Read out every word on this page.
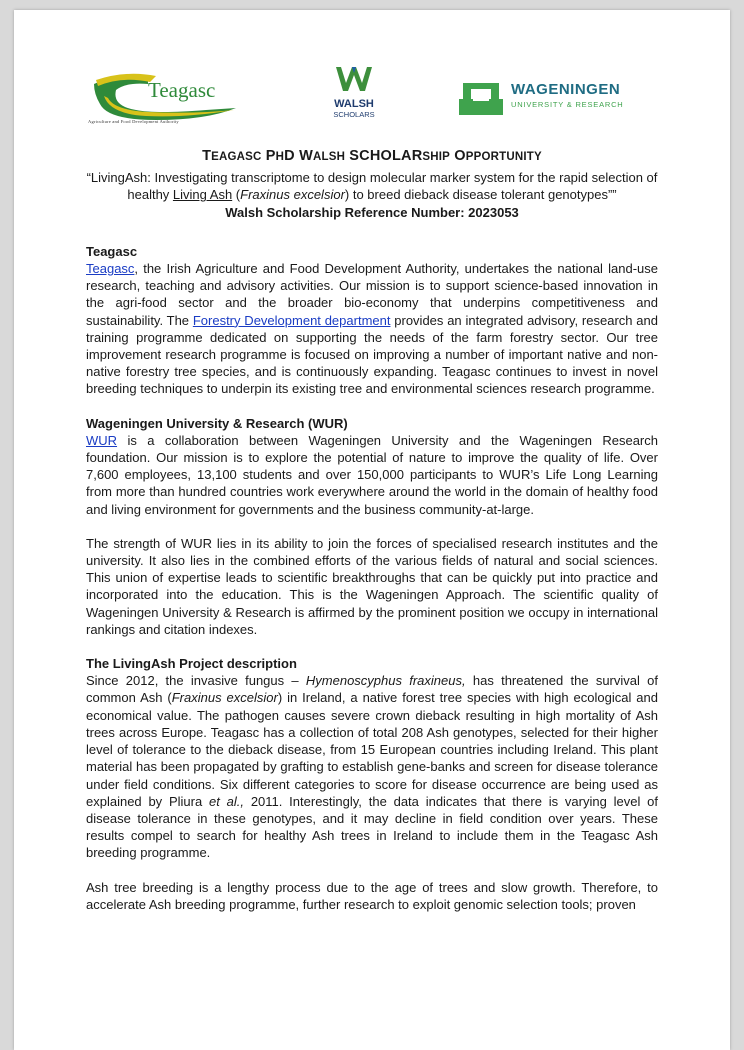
Teagasc
Agriculture and Food Development Authority
WALSH
SCHOLARS
WAGENINGEN
UNIVERSITY & RESEARCH
TEAGASC PHD WALSH SCHOLARSHIP OPPORTUNITY

“LivingAsh: Investigating transcriptome to design molecular marker system for the rapid selection of healthy Living Ash (Fraxinus excelsior) to breed dieback disease tolerant genotypes””

Walsh Scholarship Reference Number: 2023053
Teagasc

Teagasc, the Irish Agriculture and Food Development Authority, undertakes the national land-use research, teaching and advisory activities. Our mission is to support science-based innovation in the agri-food sector and the broader bio-economy that underpins competitiveness and sustainability. The Forestry Development department provides an integrated advisory, research and training programme dedicated on supporting the needs of the farm forestry sector. Our tree improvement research programme is focused on improving a number of important native and non-native forestry tree species, and is continuously expanding. Teagasc continues to invest in novel breeding techniques to underpin its existing tree and environmental sciences research programme.

Wageningen University & Research (WUR)

WUR is a collaboration between Wageningen University and the Wageningen Research foundation. Our mission is to explore the potential of nature to improve the quality of life. Over 7,600 employees, 13,100 students and over 150,000 participants to WUR’s Life Long Learning from more than hundred countries work everywhere around the world in the domain of healthy food and living environment for governments and the business community-at-large.

The strength of WUR lies in its ability to join the forces of specialised research institutes and the university. It also lies in the combined efforts of the various fields of natural and social sciences. This union of expertise leads to scientific breakthroughs that can be quickly put into practice and incorporated into the education. This is the Wageningen Approach. The scientific quality of Wageningen University & Research is affirmed by the prominent position we occupy in international rankings and citation indexes.

The LivingAsh Project description

Since 2012, the invasive fungus – Hymenoscyphus fraxineus, has threatened the survival of common Ash (Fraxinus excelsior) in Ireland, a native forest tree species with high ecological and economical value. The pathogen causes severe crown dieback resulting in high mortality of Ash trees across Europe. Teagasc has a collection of total 208 Ash genotypes, selected for their higher level of tolerance to the dieback disease, from 15 European countries including Ireland. This plant material has been propagated by grafting to establish gene-banks and screen for disease tolerance under field conditions. Six different categories to score for disease occurrence are being used as explained by Pliura et al., 2011. Interestingly, the data indicates that there is varying level of disease tolerance in these genotypes, and it may decline in field condition over years. These results compel to search for healthy Ash trees in Ireland to include them in the Teagasc Ash breeding programme.

Ash tree breeding is a lengthy process due to the age of trees and slow growth. Therefore, to accelerate Ash breeding programme, further research to exploit genomic selection tools; proven
